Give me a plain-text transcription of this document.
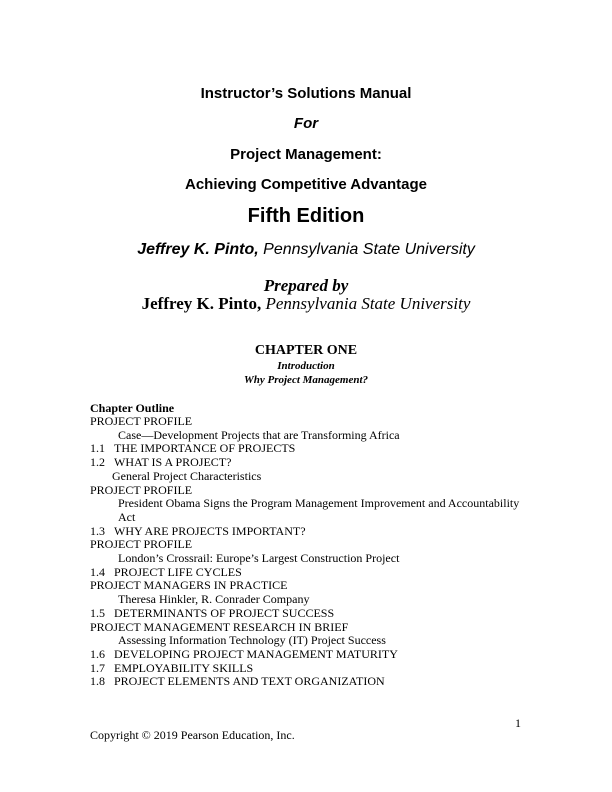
Instructor’s Solutions Manual
For
Project Management:
Achieving Competitive Advantage
Fifth Edition
Jeffrey K. Pinto, Pennsylvania State University
Prepared by
Jeffrey K. Pinto, Pennsylvania State University
CHAPTER ONE
Introduction
Why Project Management?
Chapter Outline
PROJECT PROFILE
Case—Development Projects that are Transforming Africa
1.1 THE IMPORTANCE OF PROJECTS
1.2 WHAT IS A PROJECT?
General Project Characteristics
PROJECT PROFILE
President Obama Signs the Program Management Improvement and Accountability Act
1.3 WHY ARE PROJECTS IMPORTANT?
PROJECT PROFILE
London’s Crossrail: Europe’s Largest Construction Project
1.4 PROJECT LIFE CYCLES
PROJECT MANAGERS IN PRACTICE
Theresa Hinkler, R. Conrader Company
1.5 DETERMINANTS OF PROJECT SUCCESS
PROJECT MANAGEMENT RESEARCH IN BRIEF
Assessing Information Technology (IT) Project Success
1.6 DEVELOPING PROJECT MANAGEMENT MATURITY
1.7 EMPLOYABILITY SKILLS
1.8 PROJECT ELEMENTS AND TEXT ORGANIZATION
1
Copyright © 2019 Pearson Education, Inc.
